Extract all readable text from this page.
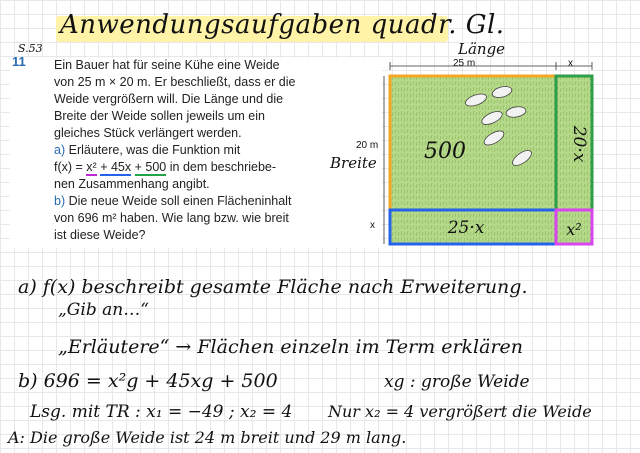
Anwendungsaufgaben quadr. Gl.
S.53
11 Ein Bauer hat für seine Kühe eine Weide
von 25 m × 20 m. Er beschließt, dass er die
Weide vergrößern will. Die Länge und die
Breite der Weide sollen jeweils um ein
gleiches Stück verlängert werden.
a) Erläutere, was die Funktion mit
f(x) = x² + 45x + 500 in dem beschriebe-
nen Zusammenhang angibt.
b) Die neue Weide soll einen Flächeninhalt
von 696 m² haben. Wie lang bzw. wie breit
ist diese Weide?
Länge
25 m	x
20 m
Breite
x
500	20·x
25·x	x²
a) f(x) beschreibt gesamte Fläche nach Erweiterung.
„Gib an…“
„Erläutere“ → Flächen einzeln im Term erklären
b) 696 = x²g + 45xg + 500	xg : große Weide
Lsg. mit TR : x₁ = −49 ; x₂ = 4 Nur x₂ = 4 vergrößert die Weide
A: Die große Weide ist 24 m breit und 29 m lang.
